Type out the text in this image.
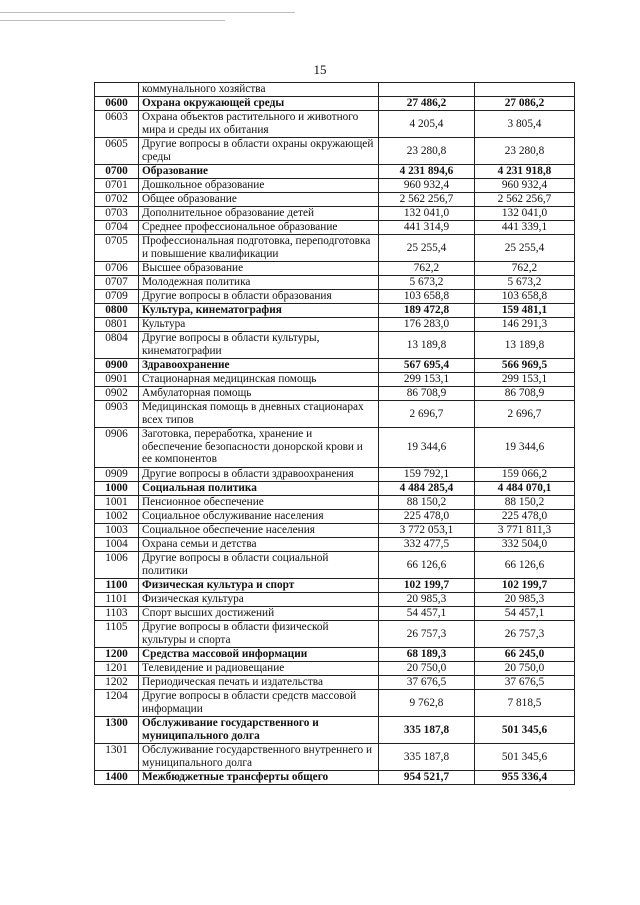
15
	коммунального хозяйства		
0600	Охрана окружающей среды	27 486,2	27 086,2
0603	Охрана объектов растительного и животного мира и среды их обитания	4 205,4	3 805,4
0605	Другие вопросы в области охраны окружающей среды	23 280,8	23 280,8
0700	Образование	4 231 894,6	4 231 918,8
0701	Дошкольное образование	960 932,4	960 932,4
0702	Общее образование	2 562 256,7	2 562 256,7
0703	Дополнительное образование детей	132 041,0	132 041,0
0704	Среднее профессиональное образование	441 314,9	441 339,1
0705	Профессиональная подготовка, переподготовка и повышение квалификации	25 255,4	25 255,4
0706	Высшее образование	762,2	762,2
0707	Молодежная политика	5 673,2	5 673,2
0709	Другие вопросы в области образования	103 658,8	103 658,8
0800	Культура, кинематография	189 472,8	159 481,1
0801	Культура	176 283,0	146 291,3
0804	Другие вопросы в области культуры, кинематографии	13 189,8	13 189,8
0900	Здравоохранение	567 695,4	566 969,5
0901	Стационарная медицинская помощь	299 153,1	299 153,1
0902	Амбулаторная помощь	86 708,9	86 708,9
0903	Медицинская помощь в дневных стационарах всех типов	2 696,7	2 696,7
0906	Заготовка, переработка, хранение и обеспечение безопасности донорской крови и ее компонентов	19 344,6	19 344,6
0909	Другие вопросы в области здравоохранения	159 792,1	159 066,2
1000	Социальная политика	4 484 285,4	4 484 070,1
1001	Пенсионное обеспечение	88 150,2	88 150,2
1002	Социальное обслуживание населения	225 478,0	225 478,0
1003	Социальное обеспечение населения	3 772 053,1	3 771 811,3
1004	Охрана семьи и детства	332 477,5	332 504,0
1006	Другие вопросы в области социальной политики	66 126,6	66 126,6
1100	Физическая культура и спорт	102 199,7	102 199,7
1101	Физическая культура	20 985,3	20 985,3
1103	Спорт высших достижений	54 457,1	54 457,1
1105	Другие вопросы в области физической культуры и спорта	26 757,3	26 757,3
1200	Средства массовой информации	68 189,3	66 245,0
1201	Телевидение и радиовещание	20 750,0	20 750,0
1202	Периодическая печать и издательства	37 676,5	37 676,5
1204	Другие вопросы в области средств массовой информации	9 762,8	7 818,5
1300	Обслуживание государственного и муниципального долга	335 187,8	501 345,6
1301	Обслуживание государственного внутреннего и муниципального долга	335 187,8	501 345,6
1400	Межбюджетные трансферты общего	954 521,7	955 336,4
